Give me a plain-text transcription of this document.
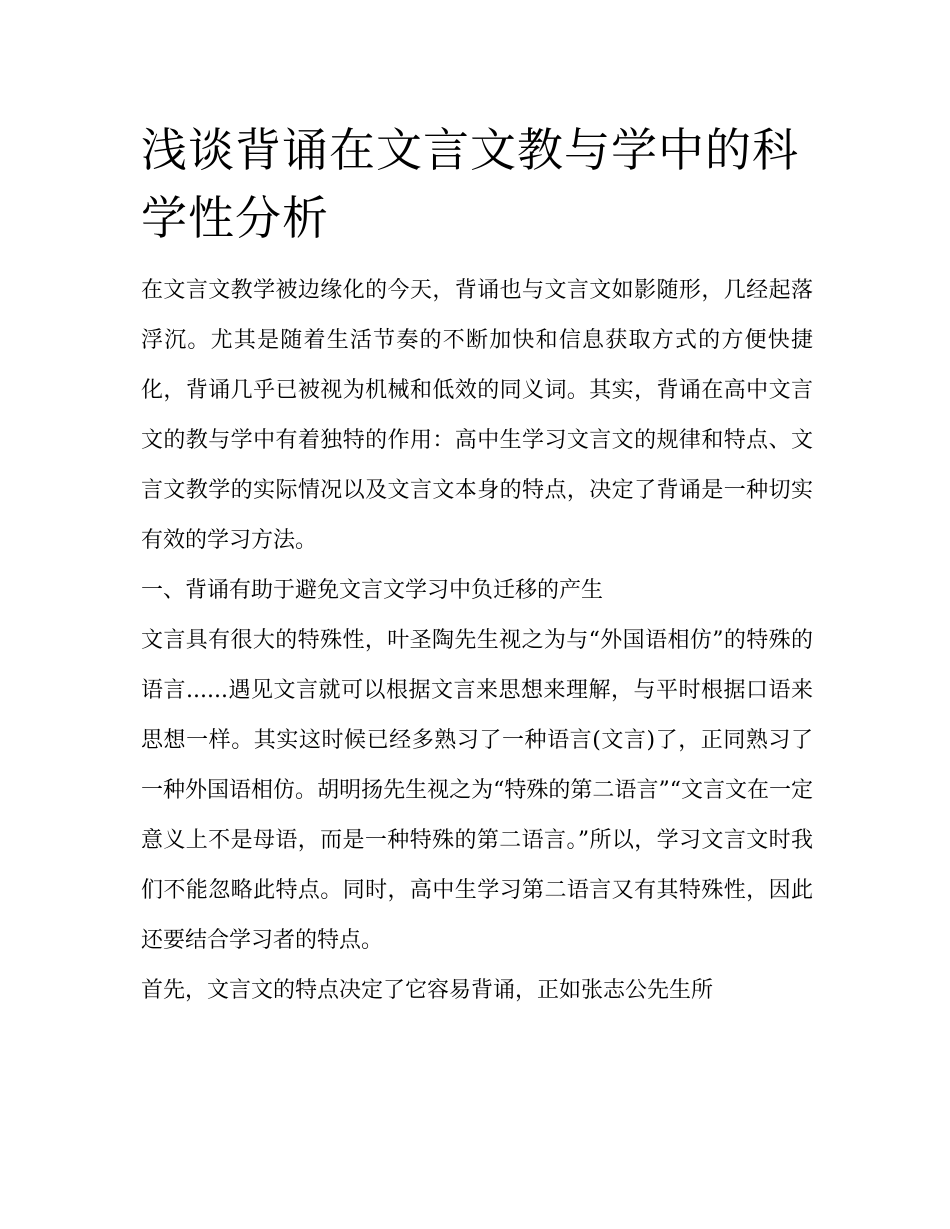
浅谈背诵在文言文教与学中的科学性分析

在文言文教学被边缘化的今天，背诵也与文言文如影随形，几经起落浮沉。尤其是随着生活节奏的不断加快和信息获取方式的方便快捷化，背诵几乎已被视为机械和低效的同义词。其实，背诵在高中文言文的教与学中有着独特的作用：高中生学习文言文的规律和特点、文言文教学的实际情况以及文言文本身的特点，决定了背诵是一种切实有效的学习方法。

一、背诵有助于避免文言文学习中负迁移的产生

文言具有很大的特殊性，叶圣陶先生视之为与“外国语相仿”的特殊的语言......遇见文言就可以根据文言来思想来理解，与平时根据口语来思想一样。其实这时候已经多熟习了一种语言(文言)了，正同熟习了一种外国语相仿。胡明扬先生视之为“特殊的第二语言”“文言文在一定意义上不是母语，而是一种特殊的第二语言。”所以，学习文言文时我们不能忽略此特点。同时，高中生学习第二语言又有其特殊性，因此还要结合学习者的特点。

首先，文言文的特点决定了它容易背诵，正如张志公先生所
